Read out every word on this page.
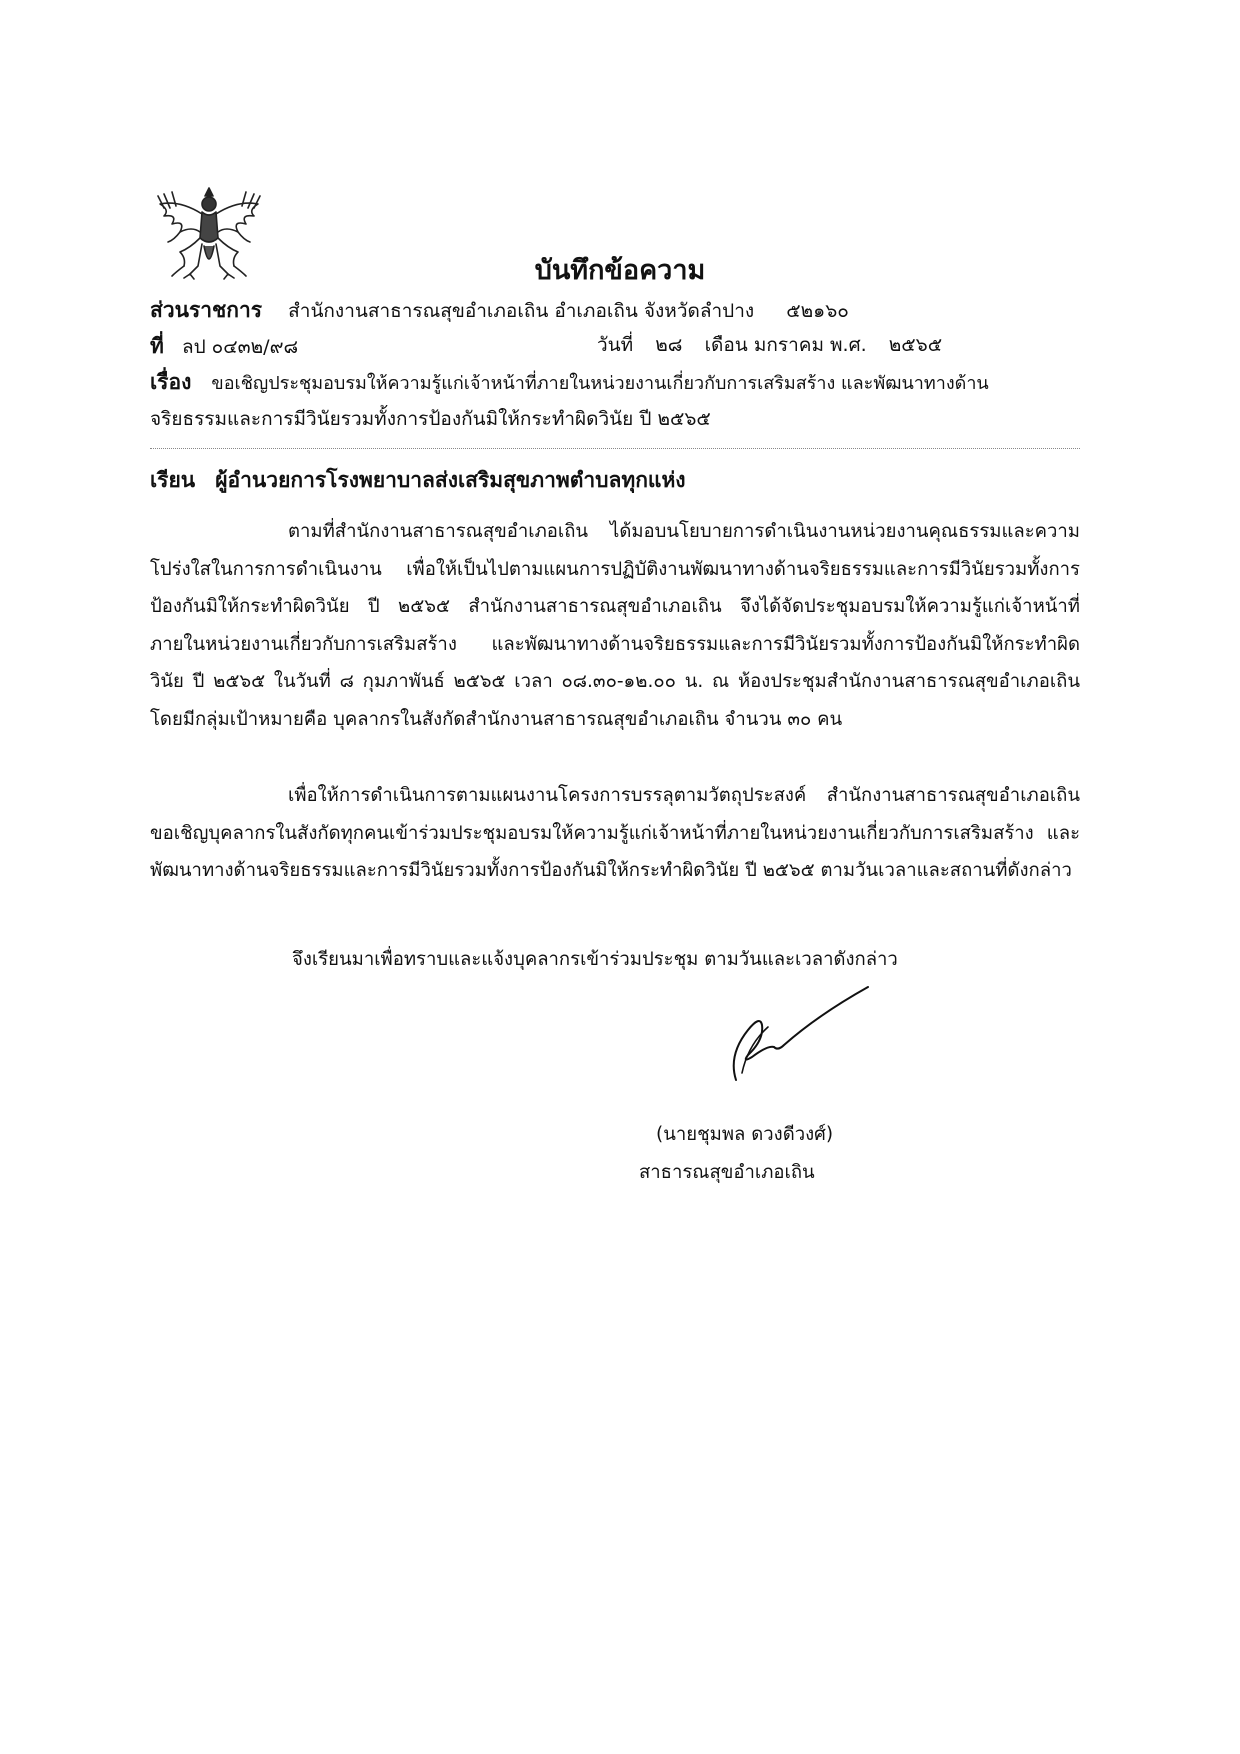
บันทึกข้อความ
ส่วนราชการ สำนักงานสาธารณสุขอำเภอเถิน อำเภอเถิน จังหวัดลำปาง ๕๒๑๖๐
ที่ ลป ๐๔๓๒/๙๘	วันที่ ๒๘ เดือน มกราคม พ.ศ. ๒๕๖๕
เรื่อง ขอเชิญประชุมอบรมให้ความรู้แก่เจ้าหน้าที่ภายในหน่วยงานเกี่ยวกับการเสริมสร้าง และพัฒนาทางด้าน
จริยธรรมและการมีวินัยรวมทั้งการป้องกันมิให้กระทำผิดวินัย ปี ๒๕๖๕
เรียน ผู้อำนวยการโรงพยาบาลส่งเสริมสุขภาพตำบลทุกแห่ง
ตามที่สำนักงานสาธารณสุขอำเภอเถิน ได้มอบนโยบายการดำเนินงานหน่วยงานคุณธรรมและความโปร่งใสในการการดำเนินงาน เพื่อให้เป็นไปตามแผนการปฏิบัติงานพัฒนาทางด้านจริยธรรมและการมีวินัยรวมทั้งการป้องกันมิให้กระทำผิดวินัย ปี ๒๕๖๕ สำนักงานสาธารณสุขอำเภอเถิน จึงได้จัดประชุมอบรมให้ความรู้แก่เจ้าหน้าที่ภายในหน่วยงานเกี่ยวกับการเสริมสร้าง และพัฒนาทางด้านจริยธรรมและการมีวินัยรวมทั้งการป้องกันมิให้กระทำผิดวินัย ปี ๒๕๖๕ ในวันที่ ๘ กุมภาพันธ์ ๒๕๖๕ เวลา ๐๘.๓๐-๑๒.๐๐ น. ณ ห้องประชุมสำนักงานสาธารณสุขอำเภอเถิน โดยมีกลุ่มเป้าหมายคือ บุคลากรในสังกัดสำนักงานสาธารณสุขอำเภอเถิน จำนวน ๓๐ คน
เพื่อให้การดำเนินการตามแผนงานโครงการบรรลุตามวัตถุประสงค์ สำนักงานสาธารณสุขอำเภอเถิน ขอเชิญบุคลากรในสังกัดทุกคนเข้าร่วมประชุมอบรมให้ความรู้แก่เจ้าหน้าที่ภายในหน่วยงานเกี่ยวกับการเสริมสร้าง และพัฒนาทางด้านจริยธรรมและการมีวินัยรวมทั้งการป้องกันมิให้กระทำผิดวินัย ปี ๒๕๖๕ ตามวันเวลาและสถานที่ดังกล่าว
จึงเรียนมาเพื่อทราบและแจ้งบุคลากรเข้าร่วมประชุม ตามวันและเวลาดังกล่าว
(นายชุมพล ดวงดีวงศ์)
สาธารณสุขอำเภอเถิน
